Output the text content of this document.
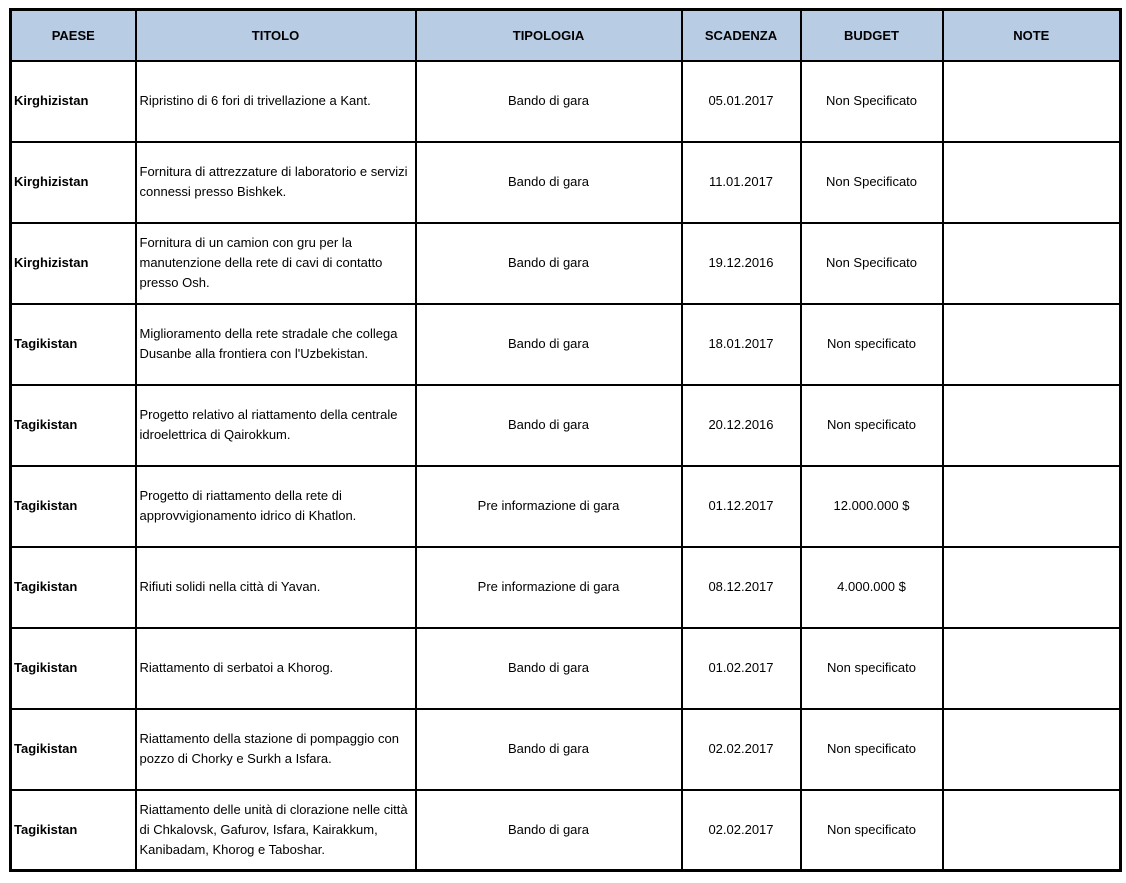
PAESE	TITOLO	TIPOLOGIA	SCADENZA	BUDGET	NOTE
Kirghizistan	Ripristino di 6 fori di trivellazione a Kant.	Bando di gara	05.01.2017	Non Specificato	
Kirghizistan	Fornitura di attrezzature di laboratorio e servizi connessi presso Bishkek.	Bando di gara	11.01.2017	Non Specificato	
Kirghizistan	Fornitura di un camion con gru per la manutenzione della rete di cavi di contatto presso Osh.	Bando di gara	19.12.2016	Non Specificato	
Tagikistan	Miglioramento della rete stradale che collega Dusanbe alla frontiera con l'Uzbekistan.	Bando di gara	18.01.2017	Non specificato	
Tagikistan	Progetto relativo al riattamento della centrale idroelettrica di Qairokkum.	Bando di gara	20.12.2016	Non specificato	
Tagikistan	Progetto di riattamento della rete di approvvigionamento idrico di Khatlon.	Pre informazione di gara	01.12.2017	12.000.000 $	
Tagikistan	Rifiuti solidi nella città di Yavan.	Pre informazione di gara	08.12.2017	4.000.000 $	
Tagikistan	Riattamento di serbatoi a Khorog.	Bando di gara	01.02.2017	Non specificato	
Tagikistan	Riattamento della stazione di pompaggio con pozzo di Chorky e Surkh a Isfara.	Bando di gara	02.02.2017	Non specificato	
Tagikistan	Riattamento delle unità di clorazione nelle città di Chkalovsk, Gafurov, Isfara, Kairakkum, Kanibadam, Khorog e Taboshar.	Bando di gara	02.02.2017	Non specificato	
